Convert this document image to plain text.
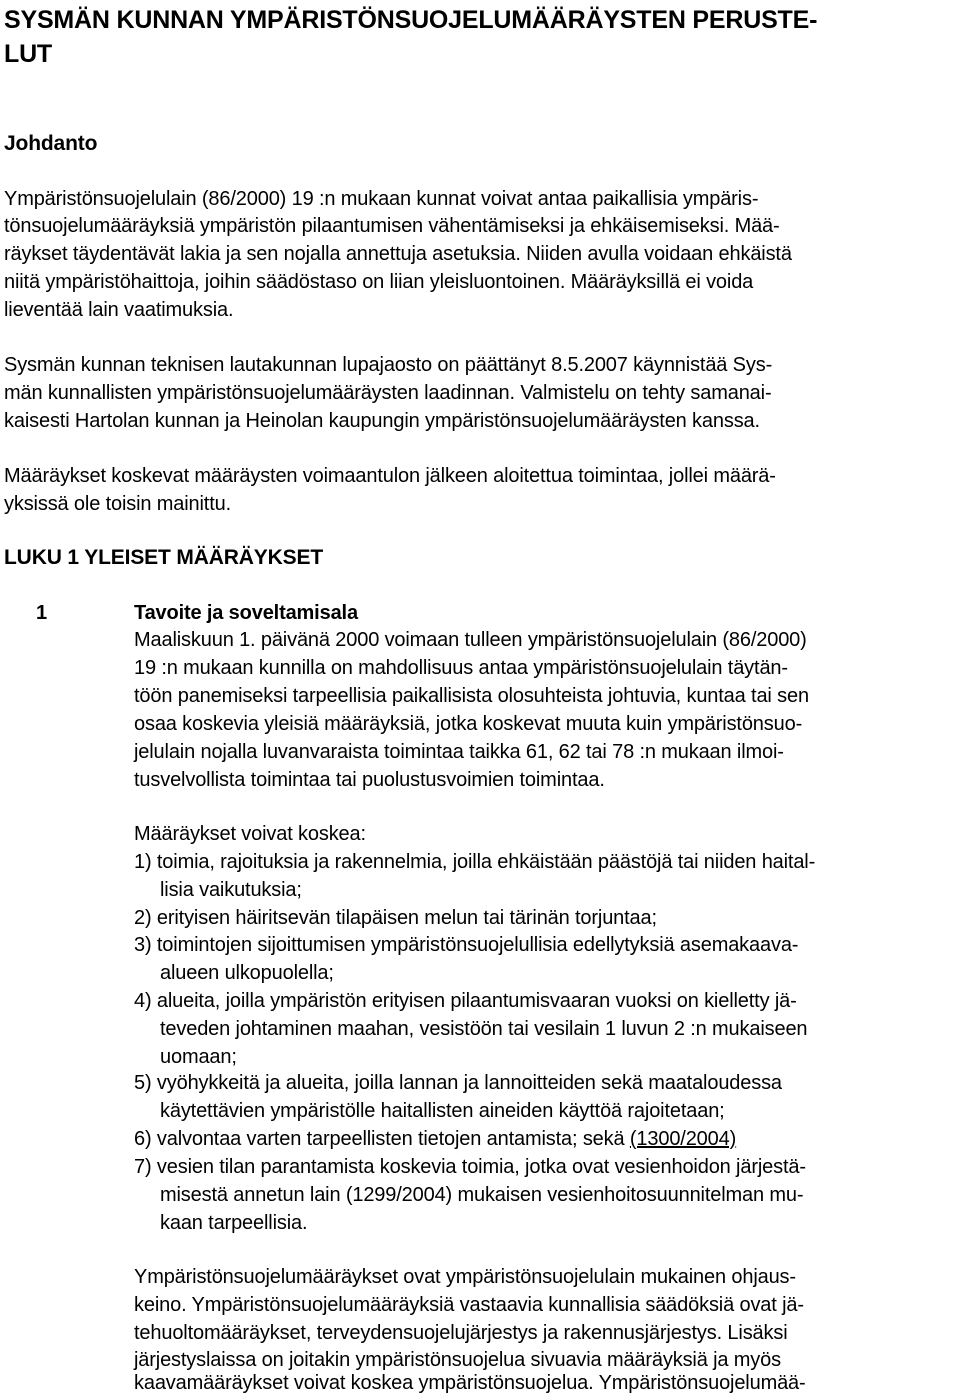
SYSMÄN KUNNAN YMPÄRISTÖNSUOJELUMÄÄRÄYSTEN PERUSTE-
LUT
Johdanto
Ympäristönsuojelulain (86/2000) 19 :n mukaan kunnat voivat antaa paikallisia ympäris-
tönsuojelumääräyksiä ympäristön pilaantumisen vähentämiseksi ja ehkäisemiseksi. Mää-
räykset täydentävät lakia ja sen nojalla annettuja asetuksia. Niiden avulla voidaan ehkäistä
niitä ympäristöhaittoja, joihin säädöstaso on liian yleisluontoinen. Määräyksillä ei voida
lieventää lain vaatimuksia.
Sysmän kunnan teknisen lautakunnan lupajaosto on päättänyt 8.5.2007 käynnistää Sys-
män kunnallisten ympäristönsuojelumääräysten laadinnan. Valmistelu on tehty samanai-
kaisesti Hartolan kunnan ja Heinolan kaupungin ympäristönsuojelumääräysten kanssa.
Määräykset koskevat määräysten voimaantulon jälkeen aloitettua toimintaa, jollei määrä-
yksissä ole toisin mainittu.
LUKU 1 YLEISET MÄÄRÄYKSET
1	Tavoite ja soveltamisala
Maaliskuun 1. päivänä 2000 voimaan tulleen ympäristönsuojelulain (86/2000)
19 :n mukaan kunnilla on mahdollisuus antaa ympäristönsuojelulain täytän-
töön panemiseksi tarpeellisia paikallisista olosuhteista johtuvia, kuntaa tai sen
osaa koskevia yleisiä määräyksiä, jotka koskevat muuta kuin ympäristönsuo-
jelulain nojalla luvanvaraista toimintaa taikka 61, 62 tai 78 :n mukaan ilmoi-
tusvelvollista toimintaa tai puolustusvoimien toimintaa.
Määräykset voivat koskea:
1) toimia, rajoituksia ja rakennelmia, joilla ehkäistään päästöjä tai niiden haital-
lisia vaikutuksia;
2) erityisen häiritsevän tilapäisen melun tai tärinän torjuntaa;
3) toimintojen sijoittumisen ympäristönsuojelullisia edellytyksiä asemakaava-
alueen ulkopuolella;
4) alueita, joilla ympäristön erityisen pilaantumisvaaran vuoksi on kielletty jä-
teveden johtaminen maahan, vesistöön tai vesilain 1 luvun 2 :n mukaiseen
uomaan;
5) vyöhykkeitä ja alueita, joilla lannan ja lannoitteiden sekä maataloudessa
käytettävien ympäristölle haitallisten aineiden käyttöä rajoitetaan;
6) valvontaa varten tarpeellisten tietojen antamista; sekä (1300/2004)
7) vesien tilan parantamista koskevia toimia, jotka ovat vesienhoidon järjestä-
misestä annetun lain (1299/2004) mukaisen vesienhoitosuunnitelman mu-
kaan tarpeellisia.
Ympäristönsuojelumääräykset ovat ympäristönsuojelulain mukainen ohjaus-
keino. Ympäristönsuojelumääräyksiä vastaavia kunnallisia säädöksiä ovat jä-
tehuoltomääräykset, terveydensuojelujärjestys ja rakennusjärjestys. Lisäksi
järjestyslaissa on joitakin ympäristönsuojelua sivuavia määräyksiä ja myös
kaavamääräykset voivat koskea ympäristönsuojelua. Ympäristönsuojelumää-
